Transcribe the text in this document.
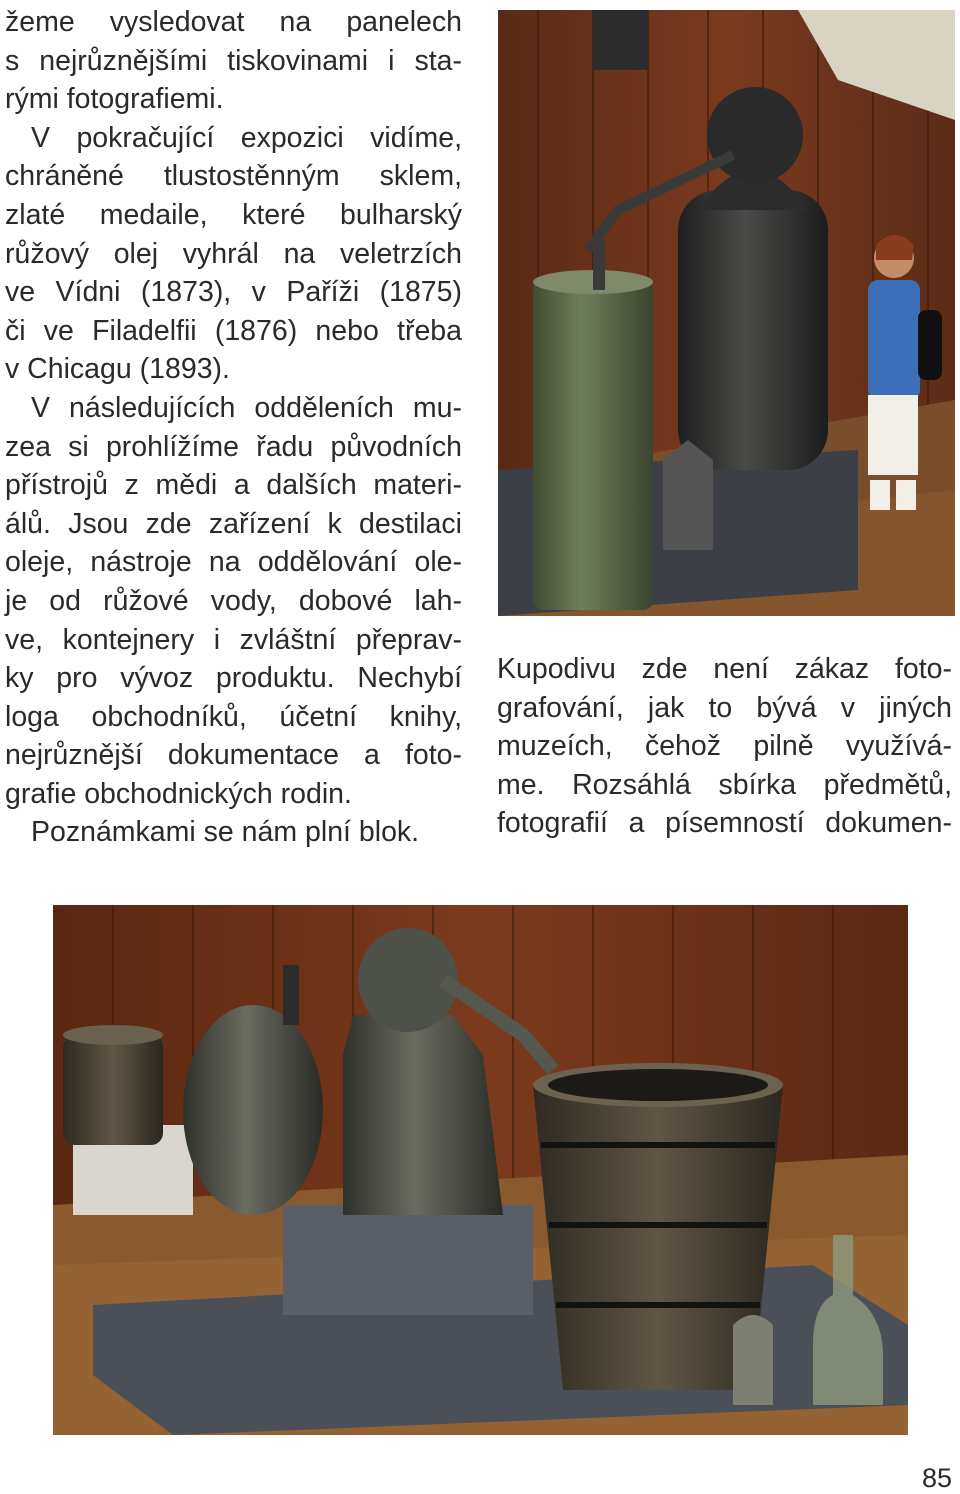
žeme vysledovat na panelech
s nejrůznějšími tiskovinami i sta-
rými fotografiemi.
V pokračující expozici vidíme,
chráněné tlustostěnným sklem,
zlaté medaile, které bulharský
růžový olej vyhrál na veletrzích
ve Vídni (1873), v Paříži (1875)
či ve Filadelfii (1876) nebo třeba
v Chicagu (1893).
V následujících odděleních mu-
zea si prohlížíme řadu původních
přístrojů z mědi a dalších materi-
álů. Jsou zde zařízení k destilaci
oleje, nástroje na oddělování ole-
je od růžové vody, dobové lah-
ve, kontejnery i zvláštní přeprav-
ky pro vývoz produktu. Nechybí
loga obchodníků, účetní knihy,
nejrůznější dokumentace a foto-
grafie obchodnických rodin.
Poznámkami se nám plní blok.
Kupodivu zde není zákaz foto-
grafování, jak to bývá v jiných
muzeích, čehož pilně využívá-
me. Rozsáhlá sbírka předmětů,
fotografií a písemností dokumen-
85
